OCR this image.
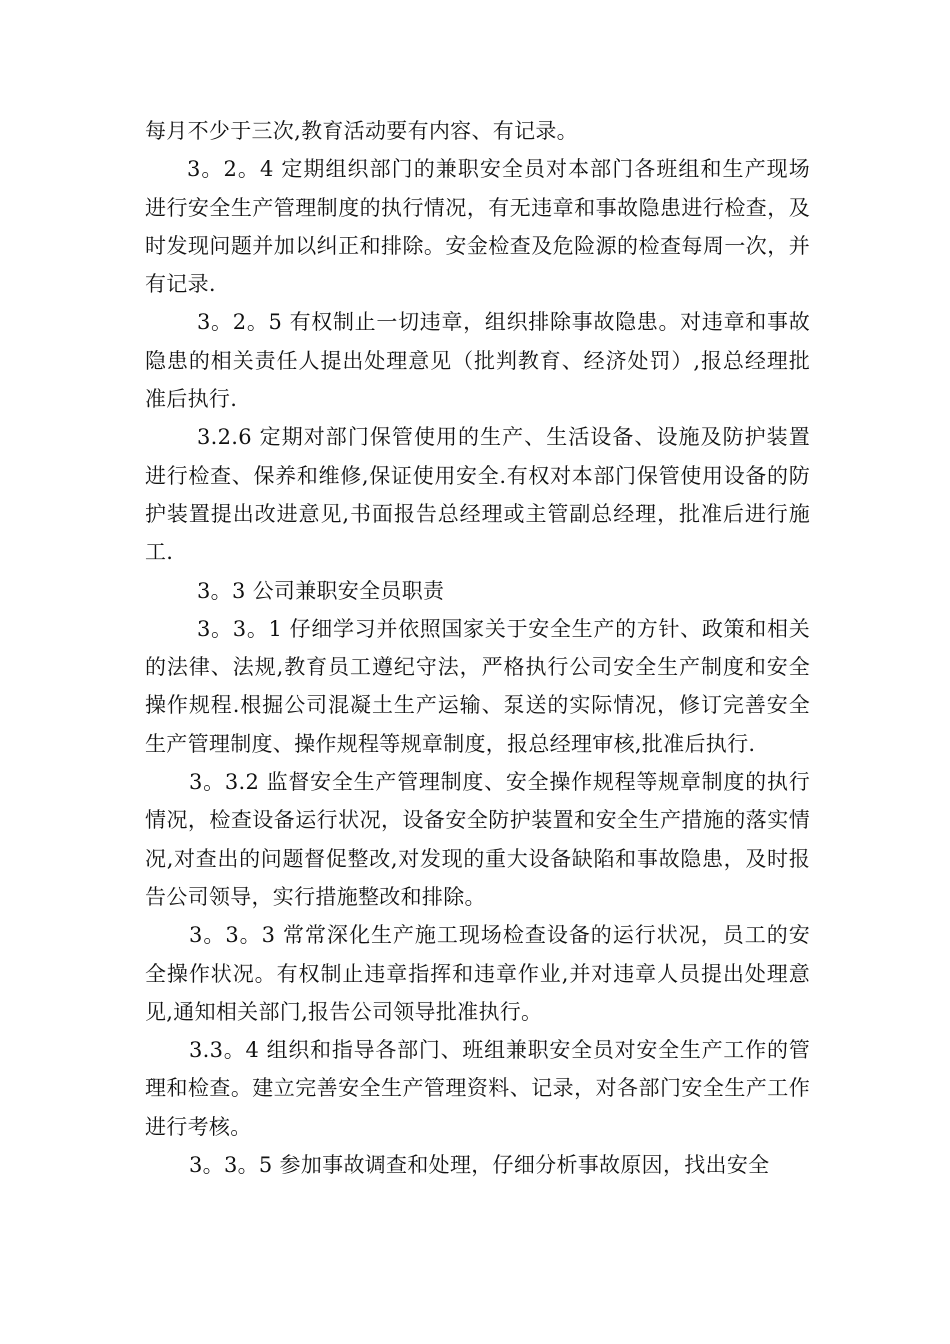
每月不少于三次,教育活动要有内容、有记录。

3。2。4 定期组织部门的兼职安全员对本部门各班组和生产现场进行安全生产管理制度的执行情况，有无违章和事故隐患进行检查，及时发现问题并加以纠正和排除。安金检查及危险源的检查每周一次，并有记录.

3。2。5 有权制止一切违章，组织排除事故隐患。对违章和事故隐患的相关责任人提出处理意见（批判教育、经济处罚）,报总经理批准后执行.

3.2.6 定期对部门保管使用的生产、生活设备、设施及防护装置进行检查、保养和维修,保证使用安全.有权对本部门保管使用设备的防护装置提出改进意见,书面报告总经理或主管副总经理，批准后进行施工.

3。3 公司兼职安全员职责

3。3。1 仔细学习并依照国家关于安全生产的方针、政策和相关的法律、法规,教育员工遵纪守法，严格执行公司安全生产制度和安全操作规程.根掘公司混凝土生产运输、泵送的实际情况，修订完善安全生产管理制度、操作规程等规章制度，报总经理审核,批准后执行.

3。3.2 监督安全生产管理制度、安全操作规程等规章制度的执行情况，检查设备运行状况，设备安全防护装置和安全生产措施的落实情况,对查出的问题督促整改,对发现的重大设备缺陷和事故隐患，及时报告公司领导，实行措施整改和排除。

3。3。3 常常深化生产施工现场检查设备的运行状况，员工的安全操作状况。有权制止违章指挥和违章作业,并对违章人员提出处理意见,通知相关部门,报告公司领导批准执行。

3.3。4 组织和指导各部门、班组兼职安全员对安全生产工作的管理和检查。建立完善安全生产管理资料、记录，对各部门安全生产工作进行考核。

3。3。5 参加事故调查和处理，仔细分析事故原因，找出安全
